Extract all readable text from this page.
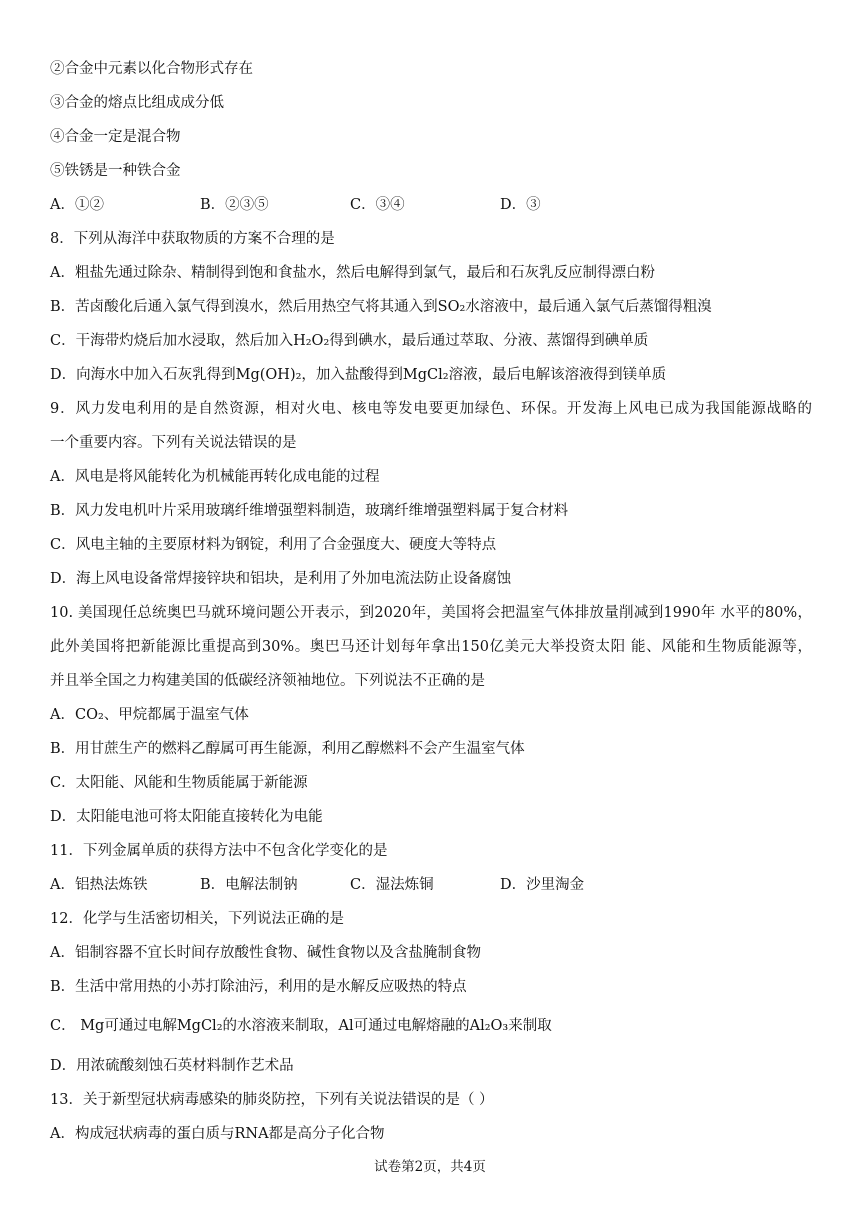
②合金中元素以化合物形式存在
③合金的熔点比组成成分低
④合金一定是混合物
⑤铁锈是一种铁合金
A．①②	B．②③⑤	C．③④	D．③
8．下列从海洋中获取物质的方案不合理的是
A．粗盐先通过除杂、精制得到饱和食盐水，然后电解得到氯气，最后和石灰乳反应制得漂白粉
B．苦卤酸化后通入氯气得到溴水，然后用热空气将其通入到SO₂水溶液中，最后通入氯气后蒸馏得粗溴
C．干海带灼烧后加水浸取，然后加入H₂O₂得到碘水，最后通过萃取、分液、蒸馏得到碘单质
D．向海水中加入石灰乳得到Mg(OH)₂，加入盐酸得到MgCl₂溶液，最后电解该溶液得到镁单质
9．风力发电利用的是自然资源，相对火电、核电等发电要更加绿色、环保。开发海上风电已成为我国能源战略的
一个重要内容。下列有关说法错误的是
A．风电是将风能转化为机械能再转化成电能的过程
B．风力发电机叶片采用玻璃纤维增强塑料制造，玻璃纤维增强塑料属于复合材料
C．风电主轴的主要原材料为钢锭，利用了合金强度大、硬度大等特点
D．海上风电设备常焊接锌块和铝块，是利用了外加电流法防止设备腐蚀
10. 美国现任总统奥巴马就环境问题公开表示，到2020年，美国将会把温室气体排放量削减到1990年 水平的80%，
此外美国将把新能源比重提高到30%。奥巴马还计划每年拿出150亿美元大举投资太阳 能、风能和生物质能源等，
并且举全国之力构建美国的低碳经济领袖地位。下列说法不正确的是
A．CO₂、甲烷都属于温室气体
B．用甘蔗生产的燃料乙醇属可再生能源，利用乙醇燃料不会产生温室气体
C．太阳能、风能和生物质能属于新能源
D．太阳能电池可将太阳能直接转化为电能
11．下列金属单质的获得方法中不包含化学变化的是
A．铝热法炼铁	B．电解法制钠	C．湿法炼铜	D．沙里淘金
12．化学与生活密切相关，下列说法正确的是
A．铝制容器不宜长时间存放酸性食物、碱性食物以及含盐腌制食物
B．生活中常用热的小苏打除油污，利用的是水解反应吸热的特点
C． Mg可通过电解MgCl₂的水溶液来制取，Al可通过电解熔融的Al₂O₃来制取
D．用浓硫酸刻蚀石英材料制作艺术品
13．关于新型冠状病毒感染的肺炎防控，下列有关说法错误的是（ ）
A．构成冠状病毒的蛋白质与RNA都是高分子化合物
试卷第2页，共4页
